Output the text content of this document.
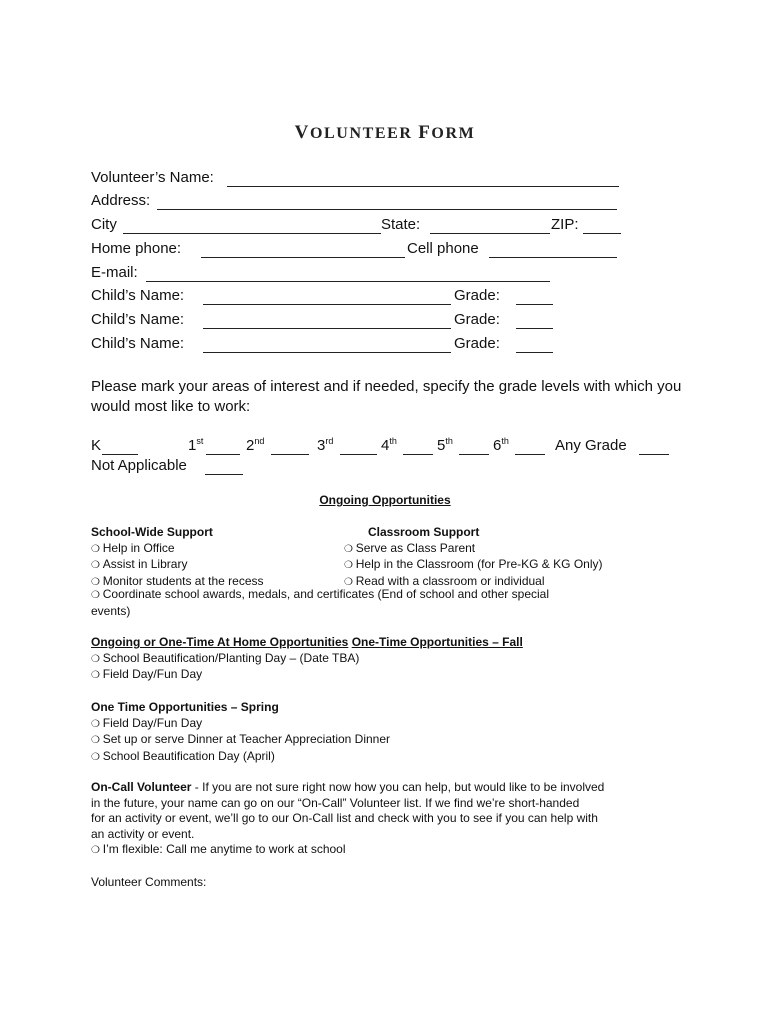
VOLUNTEER FORM
Volunteer’s Name:
Address:
City	State:	ZIP:
Home phone:	Cell phone
E-mail:
Child’s Name:	Grade:
Child’s Name:	Grade:
Child’s Name:	Grade:
Please mark your areas of interest and if needed, specify the grade levels with which you would most like to work:
K	1st	2nd	3rd	4th	5th	6th	Any Grade
Not Applicable
Ongoing Opportunities
School-Wide Support
❍ Help in Office
❍ Assist in Library
❍ Monitor students at the recess
Classroom Support
❍ Serve as Class Parent
❍ Help in the Classroom (for Pre-KG & KG Only)
❍ Read with a classroom or individual
❍ Coordinate school awards, medals, and certificates (End of school and other special
events)
Ongoing or One-Time At Home Opportunities One-Time Opportunities – Fall
❍ School Beautification/Planting Day – (Date TBA)
❍ Field Day/Fun Day
One Time Opportunities – Spring
❍ Field Day/Fun Day
❍ Set up or serve Dinner at Teacher Appreciation Dinner
❍ School Beautification Day (April)
On-Call Volunteer - If you are not sure right now how you can help, but would like to be involved
in the future, your name can go on our “On-Call” Volunteer list. If we find we’re short-handed
for an activity or event, we’ll go to our On-Call list and check with you to see if you can help with
an activity or event.
❍ I’m flexible: Call me anytime to work at school
Volunteer Comments:
